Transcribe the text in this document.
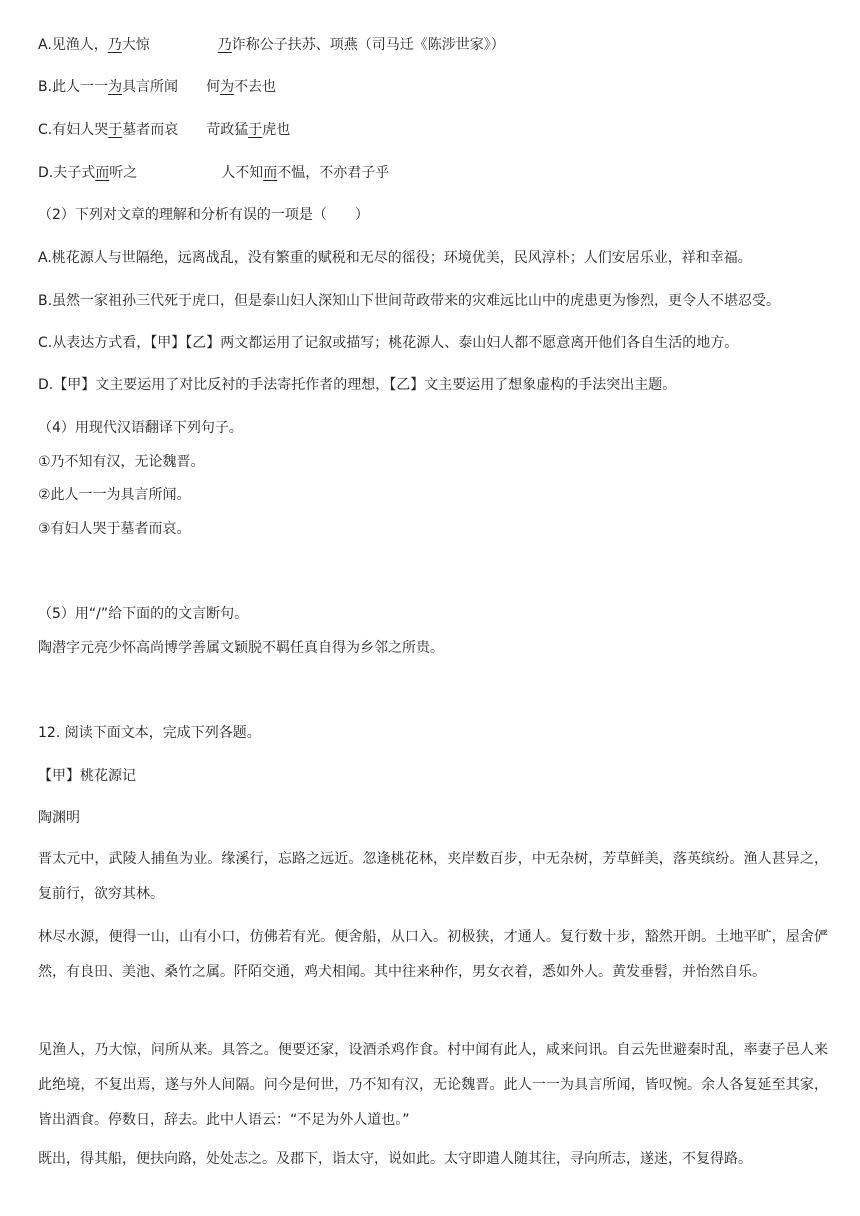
A.见渔人，乃大惊	乃诈称公子扶苏、项燕（司马迁《陈涉世家》）
B.此人一一为具言所闻 何为不去也
C.有妇人哭于墓者而哀 苛政猛于虎也
D.夫子式而听之	人不知而不愠，不亦君子乎
（2）下列对文章的理解和分析有误的一项是（　　）
A.桃花源人与世隔绝，远离战乱，没有繁重的赋税和无尽的徭役；环境优美，民风淳朴；人们安居乐业，祥和幸福。
B.虽然一家祖孙三代死于虎口，但是泰山妇人深知山下世间苛政带来的灾难远比山中的虎患更为惨烈，更令人不堪忍受。
C.从表达方式看，【甲】【乙】两文都运用了记叙或描写；桃花源人、泰山妇人都不愿意离开他们各自生活的地方。
D.【甲】文主要运用了对比反衬的手法寄托作者的理想，【乙】文主要运用了想象虚构的手法突出主题。
（4）用现代汉语翻译下列句子。
①乃不知有汉，无论魏晋。
②此人一一为具言所闻。
③有妇人哭于墓者而哀。
（5）用“/”给下面的的文言断句。
陶潜字元亮少怀高尚博学善属文颖脱不羁任真自得为乡邻之所贵。
12. 阅读下面文本，完成下列各题。
【甲】桃花源记
陶渊明
晋太元中，武陵人捕鱼为业。缘溪行，忘路之远近。忽逢桃花林，夹岸数百步，中无杂树，芳草鲜美，落英缤纷。渔人甚异之，复前行，欲穷其林。
林尽水源，便得一山，山有小口，仿佛若有光。便舍船，从口入。初极狭，才通人。复行数十步，豁然开朗。土地平旷，屋舍俨然，有良田、美池、桑竹之属。阡陌交通，鸡犬相闻。其中往来种作，男女衣着，悉如外人。黄发垂髫，并怡然自乐。
见渔人，乃大惊，问所从来。具答之。便要还家，设酒杀鸡作食。村中闻有此人，咸来问讯。自云先世避秦时乱，率妻子邑人来此绝境，不复出焉，遂与外人间隔。问今是何世，乃不知有汉，无论魏晋。此人一一为具言所闻，皆叹惋。余人各复延至其家，皆出酒食。停数日，辞去。此中人语云：“不足为外人道也。”
既出，得其船，便扶向路，处处志之。及郡下，诣太守，说如此。太守即遣人随其往，寻向所志，遂迷，不复得路。
